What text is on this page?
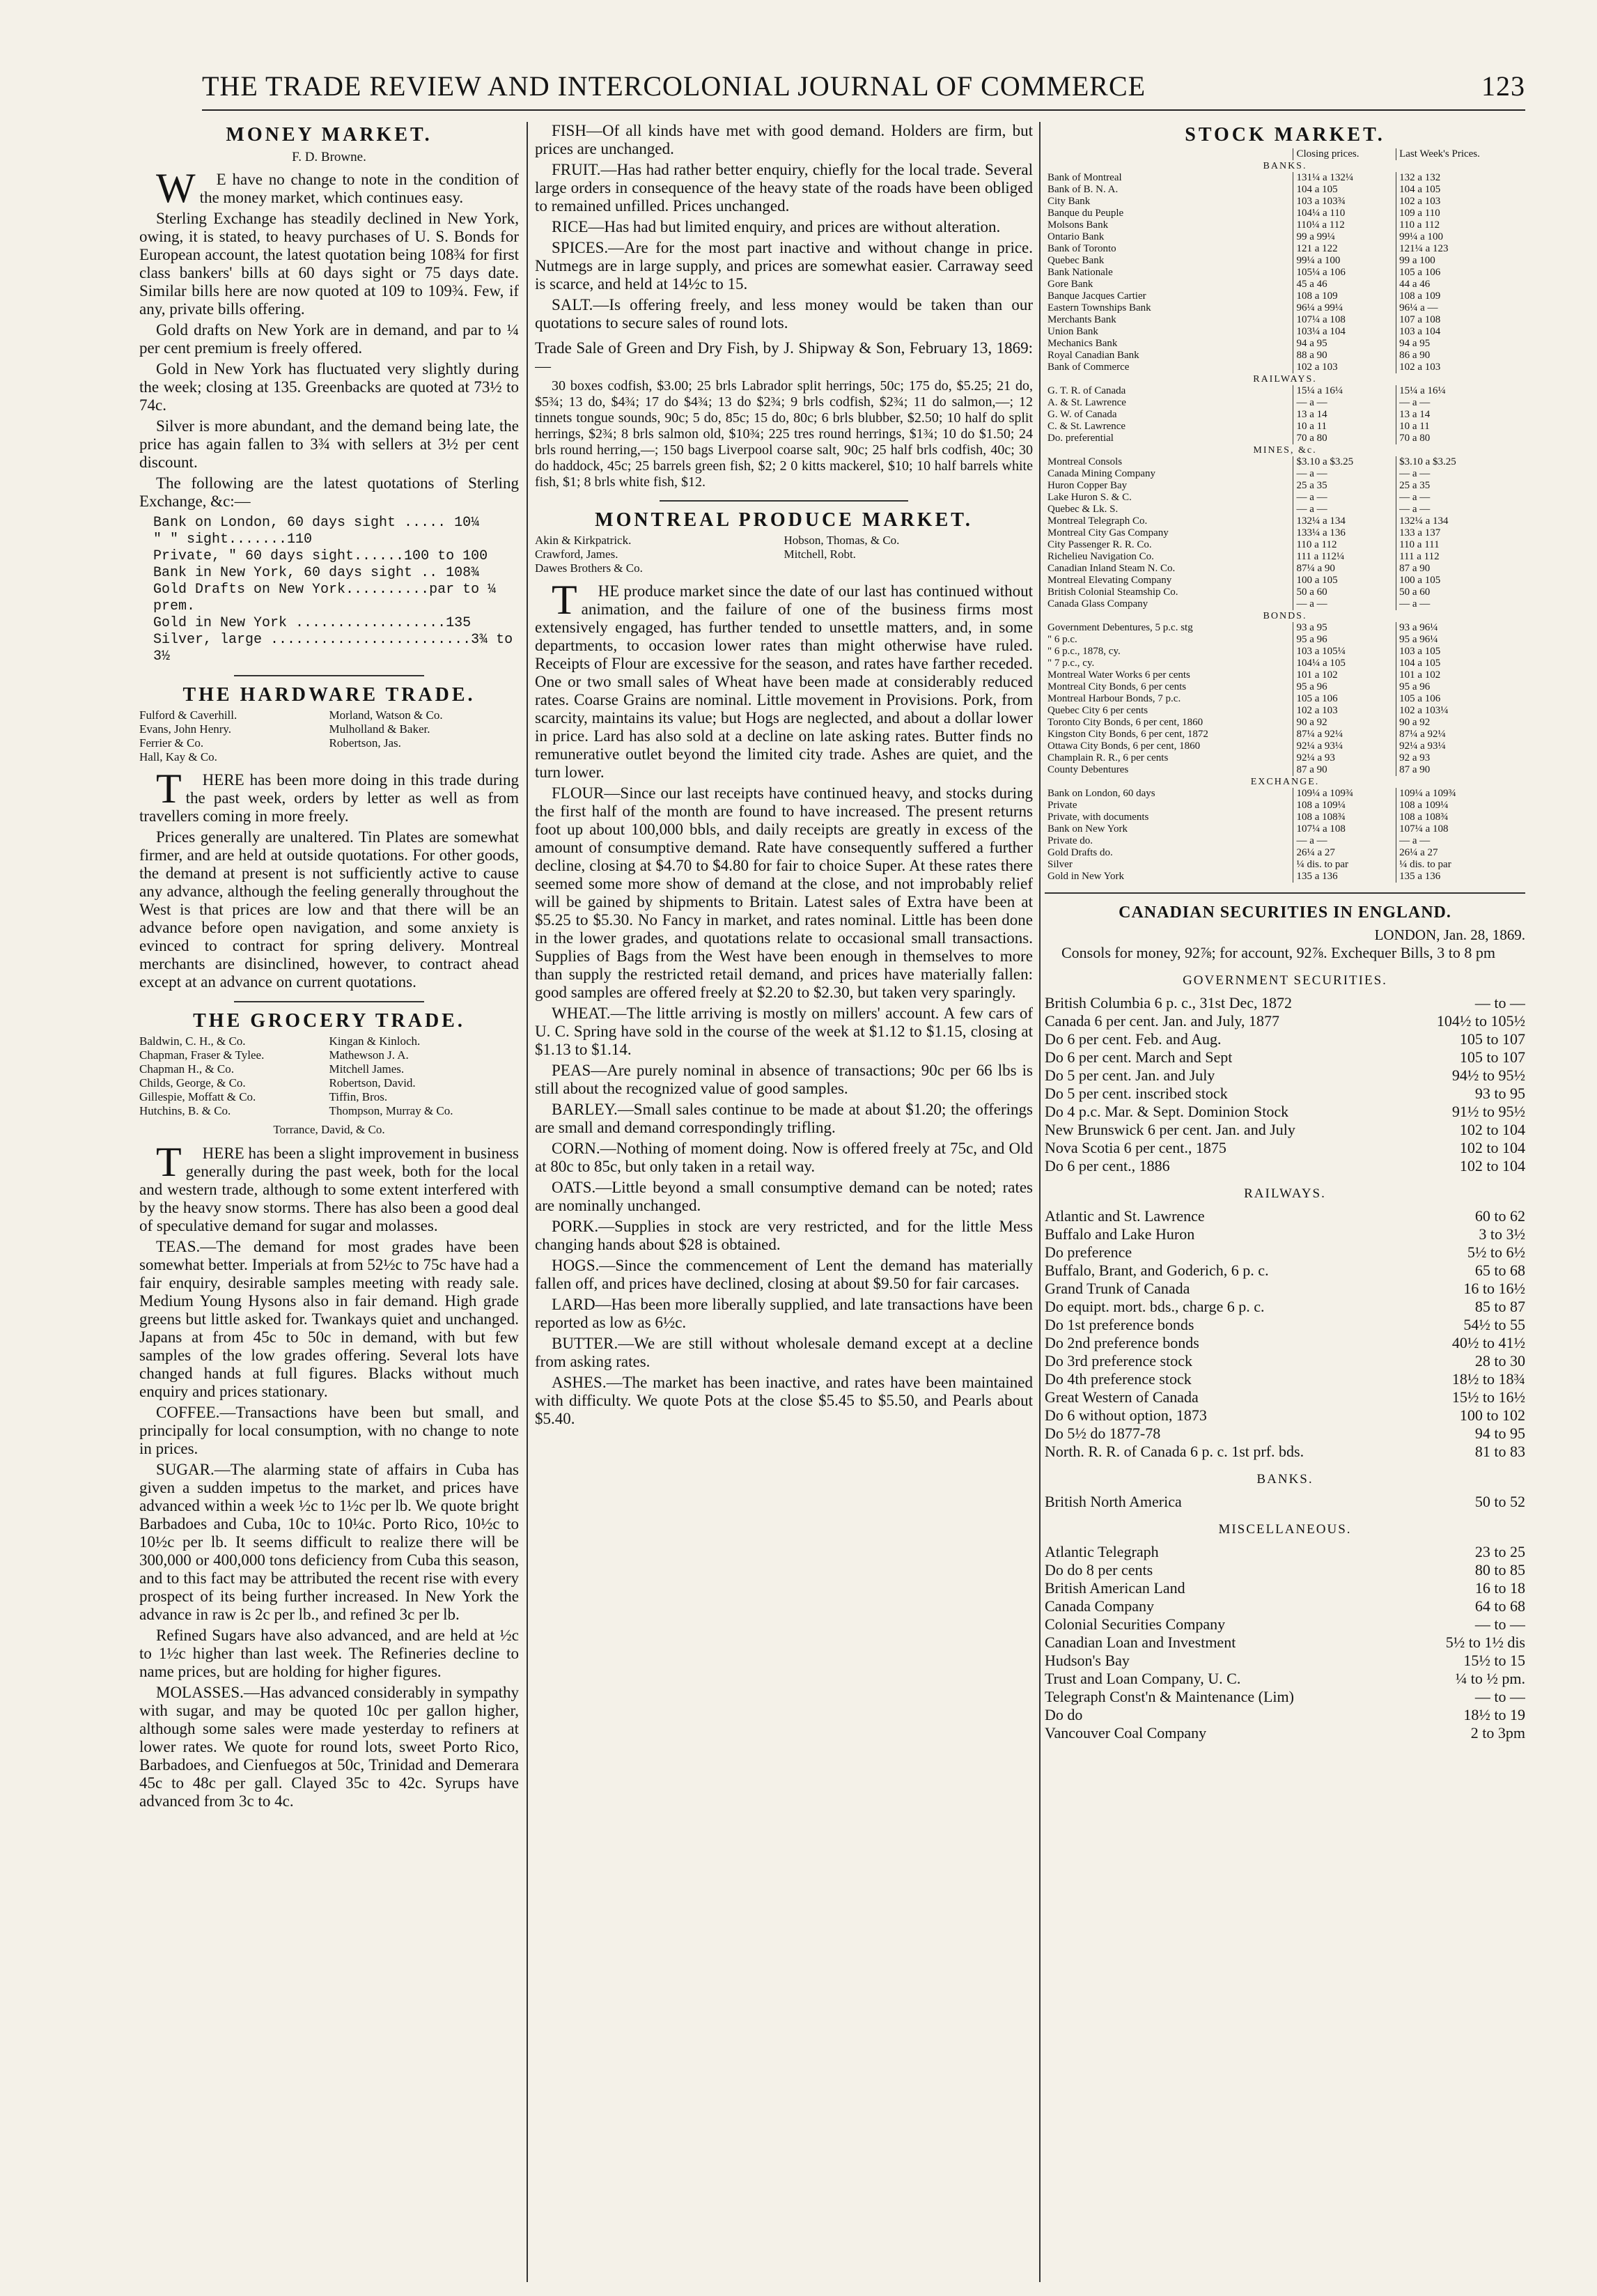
THE TRADE REVIEW AND INTERCOLONIAL JOURNAL OF COMMERCE	123
MONEY MARKET.
F. D. Browne.

WE have no change to note in the condition of the money market, which continues easy.

Sterling Exchange has steadily declined in New York, owing, it is stated, to heavy purchases of U. S. Bonds for European account, the latest quotation being 108¾ for first class bankers' bills at 60 days sight or 75 days date. Similar bills here are now quoted at 109 to 109¾. Few, if any, private bills offering.

Gold drafts on New York are in demand, and par to ¼ per cent premium is freely offered.

Gold in New York has fluctuated very slightly during the week; closing at 135. Greenbacks are quoted at 73½ to 74c.

Silver is more abundant, and the demand being late, the price has again fallen to 3¾ with sellers at 3½ per cent discount.

The following are the latest quotations of Sterling Exchange, &c:—

Bank on London, 60 days sight ..... 10¼
" " sight.......110
Private, " 60 days sight......100 to 100
Bank in New York, 60 days sight .. 108¾
Gold Drafts on New York..........par to ¼ prem.
Gold in New York ..................135
Silver, large ........................3¾ to 3½
THE HARDWARE TRADE.
Fulford & Caverhill.
Evans, John Henry.
Ferrier & Co.
Hall, Kay & Co.
Morland, Watson & Co.
Mulholland & Baker.
Robertson, Jas.

THERE has been more doing in this trade during the past week, orders by letter as well as from travellers coming in more freely.

Prices generally are unaltered. Tin Plates are somewhat firmer, and are held at outside quotations. For other goods, the demand at present is not sufficiently active to cause any advance, although the feeling generally throughout the West is that prices are low and that there will be an advance before open navigation, and some anxiety is evinced to contract for spring delivery. Montreal merchants are disinclined, however, to contract ahead except at an advance on current quotations.

THE GROCERY TRADE.
Baldwin, C. H., & Co.
Chapman, Fraser & Tylee.
Chapman H., & Co.
Childs, George, & Co.
Gillespie, Moffatt & Co.
Hutchins, B. & Co.
Kingan & Kinloch.
Mathewson J. A.
Mitchell James.
Robertson, David.
Tiffin, Bros.
Thompson, Murray & Co.
Torrance, David, & Co.

THERE has been a slight improvement in business generally during the past week, both for the local and western trade, although to some extent interfered with by the heavy snow storms. There has also been a good deal of speculative demand for sugar and molasses.

TEAS.—The demand for most grades have been somewhat better. Imperials at from 52½c to 75c have had a fair enquiry, desirable samples meeting with ready sale. Medium Young Hysons also in fair demand. High grade greens but little asked for. Twankays quiet and unchanged. Japans at from 45c to 50c in demand, with but few samples of the low grades offering. Several lots have changed hands at full figures. Blacks without much enquiry and prices stationary.

COFFEE.—Transactions have been but small, and principally for local consumption, with no change to note in prices.

SUGAR.—The alarming state of affairs in Cuba has given a sudden impetus to the market, and prices have advanced within a week ½c to 1½c per lb. We quote bright Barbadoes and Cuba, 10c to 10¼c. Porto Rico, 10½c to 10½c per lb. It seems difficult to realize there will be 300,000 or 400,000 tons deficiency from Cuba this season, and to this fact may be attributed the recent rise with every prospect of its being further increased. In New York the advance in raw is 2c per lb., and refined 3c per lb.

Refined Sugars have also advanced, and are held at ½c to 1½c higher than last week. The Refineries decline to name prices, but are holding for higher figures.

MOLASSES.—Has advanced considerably in sympathy with sugar, and may be quoted 10c per gallon higher, although some sales were made yesterday to refiners at lower rates. We quote for round lots, sweet Porto Rico, Barbadoes, and Cienfuegos at 50c, Trinidad and Demerara 45c to 48c per gall. Clayed 35c to 42c. Syrups have advanced from 3c to 4c.

FISH—Of all kinds have met with good demand. Holders are firm, but prices are unchanged.

FRUIT.—Has had rather better enquiry, chiefly for the local trade. Several large orders in consequence of the heavy state of the roads have been obliged to remained unfilled. Prices unchanged.

RICE—Has had but limited enquiry, and prices are without alteration.

SPICES.—Are for the most part inactive and without change in price. Nutmegs are in large supply, and prices are somewhat easier. Carraway seed is scarce, and held at 14½c to 15.

SALT.—Is offering freely, and less money would be taken than our quotations to secure sales of round lots.

Trade Sale of Green and Dry Fish, by J. Shipway & Son, February 13, 1869:—

30 boxes codfish, $3.00; 25 brls Labrador split herrings, 50c; 175 do, $5.25; 21 do, $5¾; 13 do, $4¾; 17 do $4¾; 13 do $2¾; 9 brls codfish, $2¾; 11 do salmon,—; 12 tinnets tongue sounds, 90c; 5 do, 85c; 15 do, 80c; 6 brls blubber, $2.50; 10 half do split herrings, $2¾; 8 brls salmon old, $10¾; 225 tres round herrings, $1¾; 10 do $1.50; 24 brls round herring,—; 150 bags Liverpool coarse salt, 90c; 25 half brls codfish, 40c; 30 do haddock, 45c; 25 barrels green fish, $2; 2 0 kitts mackerel, $10; 10 half barrels white fish, $1; 8 brls white fish, $12.

MONTREAL PRODUCE MARKET.
Akin & Kirkpatrick.
Crawford, James.
Dawes Brothers & Co.
Hobson, Thomas, & Co.
Mitchell, Robt.

THE produce market since the date of our last has continued without animation, and the failure of one of the business firms most extensively engaged, has further tended to unsettle matters, and, in some departments, to occasion lower rates than might otherwise have ruled. Receipts of Flour are excessive for the season, and rates have farther receded. One or two small sales of Wheat have been made at considerably reduced rates. Coarse Grains are nominal. Little movement in Provisions. Pork, from scarcity, maintains its value; but Hogs are neglected, and about a dollar lower in price. Lard has also sold at a decline on late asking rates. Butter finds no remunerative outlet beyond the limited city trade. Ashes are quiet, and the turn lower.

FLOUR—Since our last receipts have continued heavy, and stocks during the first half of the month are found to have increased. The present returns foot up about 100,000 bbls, and daily receipts are greatly in excess of the amount of consumptive demand. Rate have consequently suffered a further decline, closing at $4.70 to $4.80 for fair to choice Super. At these rates there seemed some more show of demand at the close, and not improbably relief will be gained by shipments to Britain. Latest sales of Extra have been at $5.25 to $5.30. No Fancy in market, and rates nominal. Little has been done in the lower grades, and quotations relate to occasional small transactions. Supplies of Bags from the West have been enough in themselves to more than supply the restricted retail demand, and prices have materially fallen: good samples are offered freely at $2.20 to $2.30, but taken very sparingly.

WHEAT.—The little arriving is mostly on millers' account. A few cars of U. C. Spring have sold in the course of the week at $1.12 to $1.15, closing at $1.13 to $1.14.

PEAS—Are purely nominal in absence of transactions; 90c per 66 lbs is still about the recognized value of good samples.

BARLEY.—Small sales continue to be made at about $1.20; the offerings are small and demand correspondingly trifling.

CORN.—Nothing of moment doing. Now is offered freely at 75c, and Old at 80c to 85c, but only taken in a retail way.

OATS.—Little beyond a small consumptive demand can be noted; rates are nominally unchanged.

PORK.—Supplies in stock are very restricted, and for the little Mess changing hands about $28 is obtained.

HOGS.—Since the commencement of Lent the demand has materially fallen off, and prices have declined, closing at about $9.50 for fair carcases.

LARD—Has been more liberally supplied, and late transactions have been reported as low as 6½c.

BUTTER.—We are still without wholesale demand except at a decline from asking rates.

ASHES.—The market has been inactive, and rates have been maintained with difficulty. We quote Pots at the close $5.45 to $5.50, and Pearls about $5.40.

STOCK MARKET.
	Closing prices.	Last Week's Prices.
BANKS.		
Bank of Montreal	131¼ a 132¼	132 a 132
Bank of B. N. A.	104 a 105	104 a 105
City Bank	103 a 103¾	102 a 103
Banque du Peuple	104¼ a 110	109 a 110
Molsons Bank	110¼ a 112	110 a 112
Ontario Bank	99 a 99¼	99¼ a 100
Bank of Toronto	121 a 122	121¼ a 123
Quebec Bank	99¼ a 100	99 a 100
Bank Nationale	105¼ a 106	105 a 106
Gore Bank	45 a 46	44 a 46
Banque Jacques Cartier	108 a 109	108 a 109
Eastern Townships Bank	96¼ a 99¼	96¼ a —
Merchants Bank	107¼ a 108	107 a 108
Union Bank	103¼ a 104	103 a 104
Mechanics Bank	94 a 95	94 a 95
Royal Canadian Bank	88 a 90	86 a 90
Bank of Commerce	102 a 103	102 a 103
RAILWAYS.		
G. T. R. of Canada	15¼ a 16¼	15¼ a 16¼
A. & St. Lawrence	— a —	— a —
G. W. of Canada	13 a 14	13 a 14
C. & St. Lawrence	10 a 11	10 a 11
Do. preferential	70 a 80	70 a 80
MINES, &c.		
Montreal Consols	$3.10 a $3.25	$3.10 a $3.25
Canada Mining Company	— a —	— a —
Huron Copper Bay	25 a 35	25 a 35
Lake Huron S. & C.	— a —	— a —
Quebec & Lk. S.	— a —	— a —
Montreal Telegraph Co.	132¼ a 134	132¼ a 134
Montreal City Gas Company	133¼ a 136	133 a 137
City Passenger R. R. Co.	110 a 112	110 a 111
Richelieu Navigation Co.	111 a 112¼	111 a 112
Canadian Inland Steam N. Co.	87¼ a 90	87 a 90
Montreal Elevating Company	100 a 105	100 a 105
British Colonial Steamship Co.	50 a 60	50 a 60
Canada Glass Company	— a —	— a —
BONDS.		
Government Debentures, 5 p.c. stg	93 a 95	93 a 96¼
" 6 p.c.	95 a 96	95 a 96¼
" 6 p.c., 1878, cy.	103 a 105¼	103 a 105
" 7 p.c., cy.	104¼ a 105	104 a 105
Montreal Water Works 6 per cents	101 a 102	101 a 102
Montreal City Bonds, 6 per cents	95 a 96	95 a 96
Montreal Harbour Bonds, 7 p.c.	105 a 106	105 a 106
Quebec City 6 per cents	102 a 103	102 a 103¼
Toronto City Bonds, 6 per cent, 1860	90 a 92	90 a 92
Kingston City Bonds, 6 per cent, 1872	87¼ a 92¼	87¼ a 92¼
Ottawa City Bonds, 6 per cent, 1860	92¼ a 93¼	92¼ a 93¼
Champlain R. R., 6 per cents	92¼ a 93	92 a 93
County Debentures	87 a 90	87 a 90
EXCHANGE.		
Bank on London, 60 days	109¼ a 109¾	109¼ a 109¾
Private	108 a 109¼	108 a 109¼
Private, with documents	108 a 108¾	108 a 108¾
Bank on New York	107¼ a 108	107¼ a 108
Private do.	— a —	— a —
Gold Drafts do.	26¼ a 27	26¼ a 27
Silver	¼ dis. to par	¼ dis. to par
Gold in New York	135 a 136	135 a 136
CANADIAN SECURITIES IN ENGLAND.
LONDON, Jan. 28, 1869.

Consols for money, 92⅞; for account, 92⅞. Exchequer Bills, 3 to 8 pm

GOVERNMENT SECURITIES.
British Columbia 6 p. c., 31st Dec, 1872	— to —
Canada 6 per cent. Jan. and July, 1877	104½ to 105½
Do 6 per cent. Feb. and Aug.	105 to 107
Do 6 per cent. March and Sept	105 to 107
Do 5 per cent. Jan. and July	94½ to 95½
Do 5 per cent. inscribed stock	93 to 95
Do 4 p.c. Mar. & Sept. Dominion Stock	91½ to 95½
New Brunswick 6 per cent. Jan. and July	102 to 104
Nova Scotia 6 per cent., 1875	102 to 104
Do 6 per cent., 1886	102 to 104
RAILWAYS.
Atlantic and St. Lawrence	60 to 62
Buffalo and Lake Huron	3 to 3½
Do preference	5½ to 6½
Buffalo, Brant, and Goderich, 6 p. c.	65 to 68
Grand Trunk of Canada	16 to 16½
Do equipt. mort. bds., charge 6 p. c.	85 to 87
Do 1st preference bonds	54½ to 55
Do 2nd preference bonds	40½ to 41½
Do 3rd preference stock	28 to 30
Do 4th preference stock	18½ to 18¾
Great Western of Canada	15½ to 16½
Do 6 without option, 1873	100 to 102
Do 5½ do 1877-78	94 to 95
North. R. R. of Canada 6 p. c. 1st prf. bds.	81 to 83
BANKS.
British North America	50 to 52
MISCELLANEOUS.
Atlantic Telegraph	23 to 25
Do do 8 per cents	80 to 85
British American Land	16 to 18
Canada Company	64 to 68
Colonial Securities Company	— to —
Canadian Loan and Investment	5½ to 1½ dis
Hudson's Bay	15½ to 15
Trust and Loan Company, U. C.	¼ to ½ pm.
Telegraph Const'n & Maintenance (Lim)	— to —
Do do	18½ to 19
Vancouver Coal Company	2 to 3pm
